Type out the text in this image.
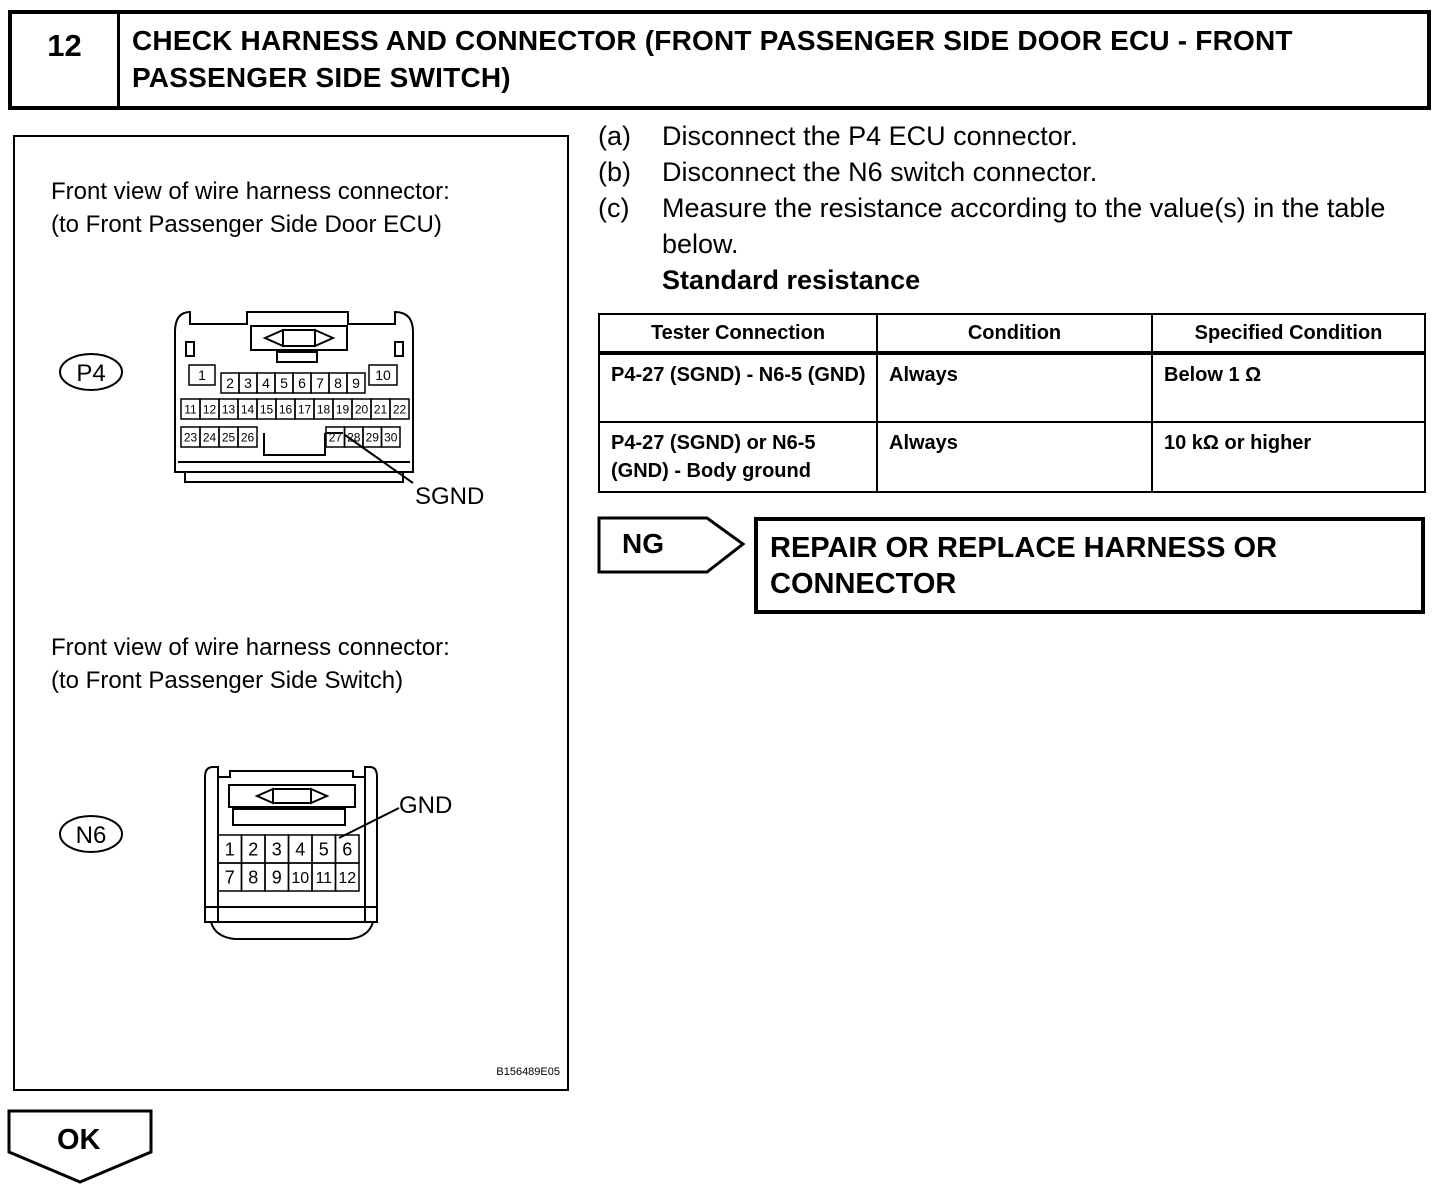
12	CHECK HARNESS AND CONNECTOR (FRONT PASSENGER SIDE DOOR ECU - FRONT
PASSENGER SIDE SWITCH)
Front view of wire harness connector:
(to Front Passenger Side Door ECU)
P4	1 2 3 4 5 6 7 8 9 10
11 12 13 14 15 16 17 18 19 20 21 22
23 24 25 26	27 28 29 30
SGND
Front view of wire harness connector:
(to Front Passenger Side Switch)
N6
1 2 3 4 5 6
7 8 9 10 11 12
GND
B156489E05
(a)	Disconnect the P4 ECU connector.
(b)	Disconnect the N6 switch connector.
(c)	Measure the resistance according to the value(s) in the table below.
Standard resistance
Tester Connection	Condition	Specified Condition
P4-27 (SGND) - N6-5 (GND)	Always	Below 1 Ω
P4-27 (SGND) or N6-5 (GND) - Body ground	Always	10 kΩ or higher
NG	REPAIR OR REPLACE HARNESS OR
CONNECTOR
OK
